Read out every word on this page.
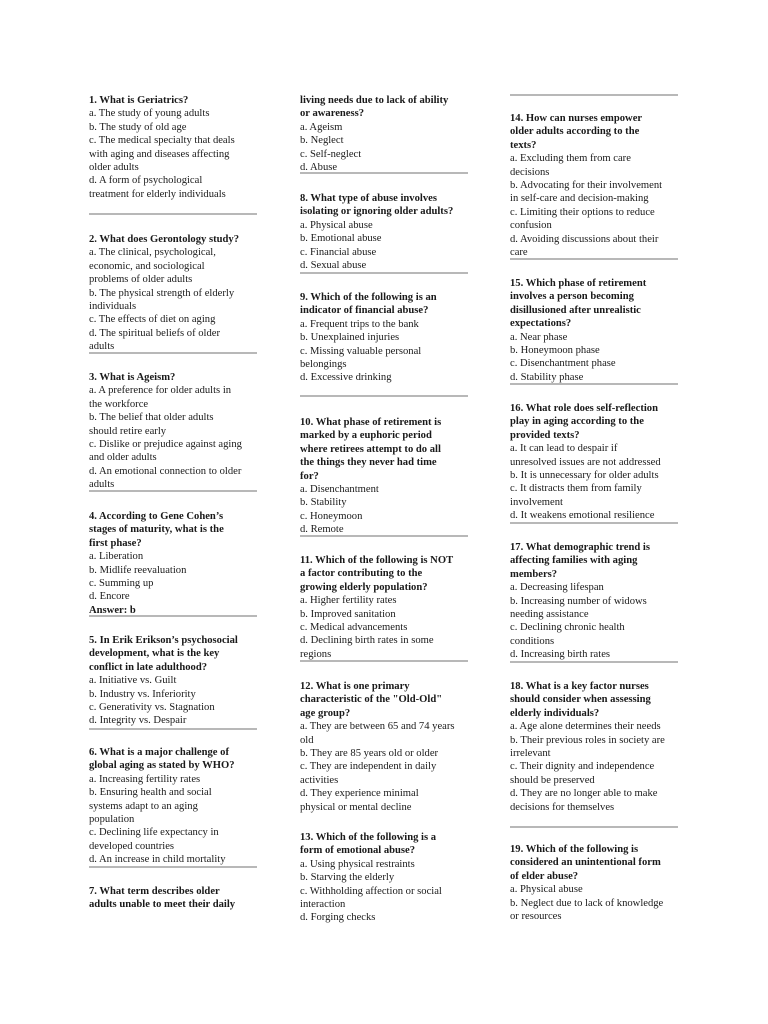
1. What is Geriatrics?
a. The study of young adults
b. The study of old age
c. The medical specialty that deals
with aging and diseases affecting
older adults
d. A form of psychological
treatment for elderly individuals
2. What does Gerontology study?
a. The clinical, psychological,
economic, and sociological
problems of older adults
b. The physical strength of elderly
individuals
c. The effects of diet on aging
d. The spiritual beliefs of older
adults
3. What is Ageism?
a. A preference for older adults in
the workforce
b. The belief that older adults
should retire early
c. Dislike or prejudice against aging
and older adults
d. An emotional connection to older
adults
4. According to Gene Cohen’s
stages of maturity, what is the
first phase?
a. Liberation
b. Midlife reevaluation
c. Summing up
d. Encore
Answer: b
5. In Erik Erikson’s psychosocial
development, what is the key
conflict in late adulthood?
a. Initiative vs. Guilt
b. Industry vs. Inferiority
c. Generativity vs. Stagnation
d. Integrity vs. Despair
6. What is a major challenge of
global aging as stated by WHO?
a. Increasing fertility rates
b. Ensuring health and social
systems adapt to an aging
population
c. Declining life expectancy in
developed countries
d. An increase in child mortality
7. What term describes older
adults unable to meet their daily
living needs due to lack of ability
or awareness?
a. Ageism
b. Neglect
c. Self-neglect
d. Abuse
8. What type of abuse involves
isolating or ignoring older adults?
a. Physical abuse
b. Emotional abuse
c. Financial abuse
d. Sexual abuse
9. Which of the following is an
indicator of financial abuse?
a. Frequent trips to the bank
b. Unexplained injuries
c. Missing valuable personal
belongings
d. Excessive drinking
10. What phase of retirement is
marked by a euphoric period
where retirees attempt to do all
the things they never had time
for?
a. Disenchantment
b. Stability
c. Honeymoon
d. Remote
11. Which of the following is NOT
a factor contributing to the
growing elderly population?
a. Higher fertility rates
b. Improved sanitation
c. Medical advancements
d. Declining birth rates in some
regions
12. What is one primary
characteristic of the "Old-Old"
age group?
a. They are between 65 and 74 years
old
b. They are 85 years old or older
c. They are independent in daily
activities
d. They experience minimal
physical or mental decline
13. Which of the following is a
form of emotional abuse?
a. Using physical restraints
b. Starving the elderly
c. Withholding affection or social
interaction
d. Forging checks
14. How can nurses empower
older adults according to the
texts?
a. Excluding them from care
decisions
b. Advocating for their involvement
in self-care and decision-making
c. Limiting their options to reduce
confusion
d. Avoiding discussions about their
care
15. Which phase of retirement
involves a person becoming
disillusioned after unrealistic
expectations?
a. Near phase
b. Honeymoon phase
c. Disenchantment phase
d. Stability phase
16. What role does self-reflection
play in aging according to the
provided texts?
a. It can lead to despair if
unresolved issues are not addressed
b. It is unnecessary for older adults
c. It distracts them from family
involvement
d. It weakens emotional resilience
17. What demographic trend is
affecting families with aging
members?
a. Decreasing lifespan
b. Increasing number of widows
needing assistance
c. Declining chronic health
conditions
d. Increasing birth rates
18. What is a key factor nurses
should consider when assessing
elderly individuals?
a. Age alone determines their needs
b. Their previous roles in society are
irrelevant
c. Their dignity and independence
should be preserved
d. They are no longer able to make
decisions for themselves
19. Which of the following is
considered an unintentional form
of elder abuse?
a. Physical abuse
b. Neglect due to lack of knowledge
or resources
